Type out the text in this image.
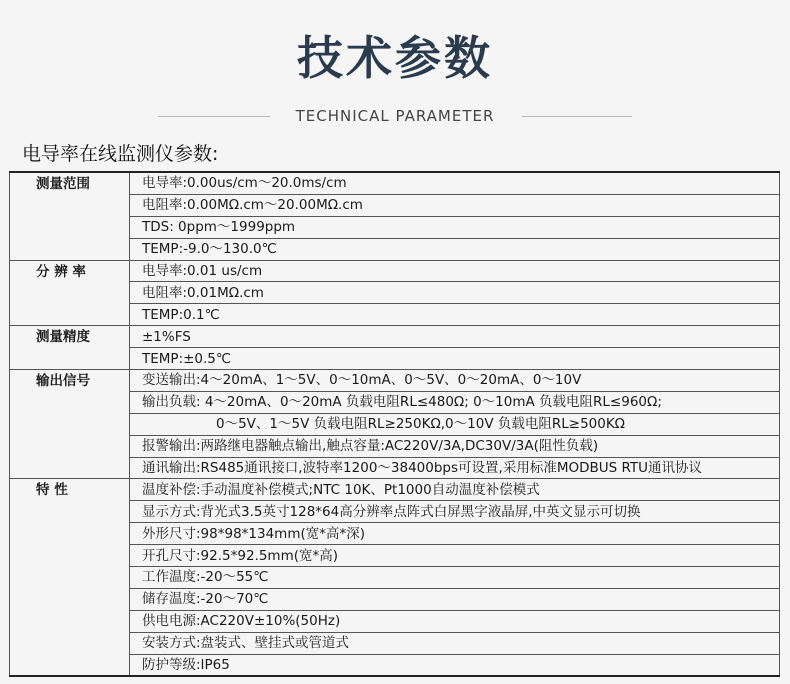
技术参数
TECHNICAL PARAMETER
电导率在线监测仪参数:
测量范围	电导率:0.00us/cm～20.0ms/cm
	电阻率:0.00MΩ.cm～20.00MΩ.cm
	TDS: 0ppm～1999ppm
	TEMP:-9.0～130.0℃
分 辨 率	电导率:0.01 us/cm
	电阻率:0.01MΩ.cm
	TEMP:0.1℃
测量精度	±1%FS
	TEMP:±0.5℃
输出信号	变送输出:4～20mA、1～5V、0～10mA、0～5V、0～20mA、0～10V
	输出负载: 4～20mA、0～20mA 负载电阻RL≤480Ω; 0～10mA 负载电阻RL≤960Ω;
	0～5V、1～5V 负载电阻RL≥250KΩ,0～10V 负载电阻RL≥500KΩ
	报警输出:两路继电器触点输出,触点容量:AC220V/3A,DC30V/3A(阻性负载)
	通讯输出:RS485通讯接口,波特率1200～38400bps可设置,采用标准MODBUS RTU通讯协议
特 性	温度补偿:手动温度补偿模式;NTC 10K、Pt1000自动温度补偿模式
	显示方式:背光式3.5英寸128*64高分辨率点阵式白屏黑字液晶屏,中英文显示可切换
	外形尺寸:98*98*134mm(宽*高*深)
	开孔尺寸:92.5*92.5mm(宽*高)
	工作温度:-20～55℃
	储存温度:-20～70℃
	供电电源:AC220V±10%(50Hz)
	安装方式:盘装式、壁挂式或管道式
	防护等级:IP65
